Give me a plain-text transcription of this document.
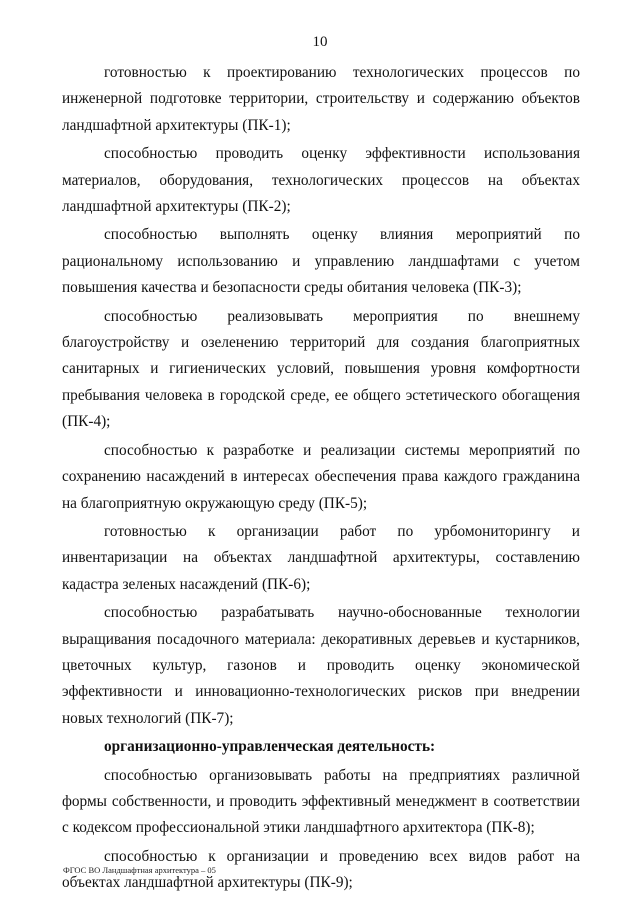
10

готовностью к проектированию технологических процессов по инженерной подготовке территории, строительству и содержанию объектов ландшафтной архитектуры (ПК-1);

способностью проводить оценку эффективности использования материалов, оборудования, технологических процессов на объектах ландшафтной архитектуры (ПК-2);

способностью выполнять оценку влияния мероприятий по рациональному использованию и управлению ландшафтами с учетом повышения качества и безопасности среды обитания человека (ПК-3);

способностью реализовывать мероприятия по внешнему благоустройству и озеленению территорий для создания благоприятных санитарных и гигиенических условий, повышения уровня комфортности пребывания человека в городской среде, ее общего эстетического обогащения (ПК-4);

способностью к разработке и реализации системы мероприятий по сохранению насаждений в интересах обеспечения права каждого гражданина на благоприятную окружающую среду (ПК-5);

готовностью к организации работ по урбомониторингу и инвентаризации на объектах ландшафтной архитектуры, составлению кадастра зеленых насаждений (ПК-6);

способностью разрабатывать научно-обоснованные технологии выращивания посадочного материала: декоративных деревьев и кустарников, цветочных культур, газонов и проводить оценку экономической эффективности и инновационно-технологических рисков при внедрении новых технологий (ПК-7);

организационно-управленческая деятельность:

способностью организовывать работы на предприятиях различной формы собственности, и проводить эффективный менеджмент в соответствии с кодексом профессиональной этики ландшафтного архитектора (ПК-8);

способностью к организации и проведению всех видов работ на объектах ландшафтной архитектуры (ПК-9);

ФГОС ВО Ландшафтная архитектура – 05
